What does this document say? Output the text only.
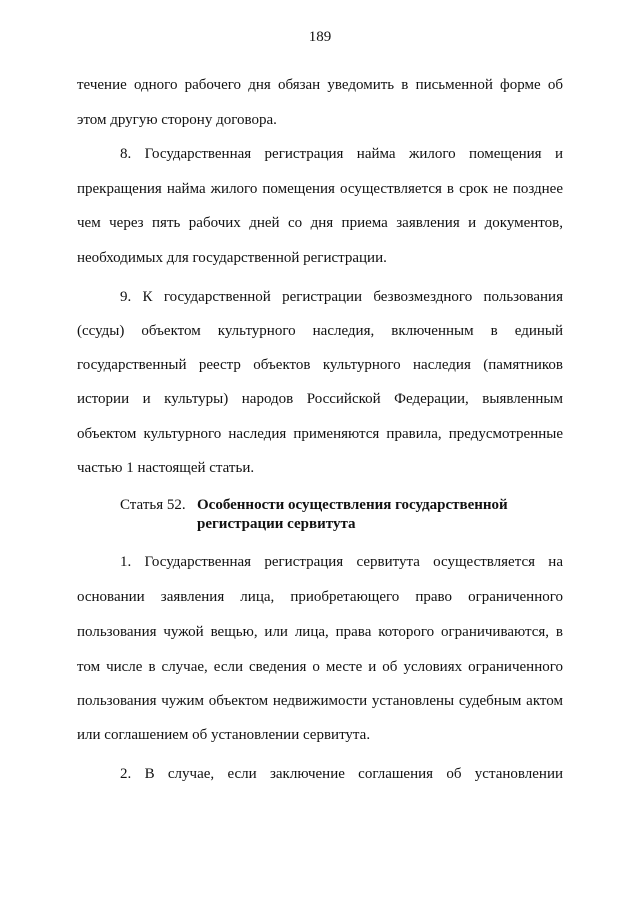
189
течение одного рабочего дня обязан уведомить в письменной форме об
этом другую сторону договора.
8. Государственная регистрация найма жилого помещения и
прекращения найма жилого помещения осуществляется в срок не позднее
чем через пять рабочих дней со дня приема заявления и документов,
необходимых для государственной регистрации.
9. К государственной регистрации безвозмездного пользования
(ссуды) объектом культурного наследия, включенным в единый
государственный реестр объектов культурного наследия (памятников
истории и культуры) народов Российской Федерации, выявленным
объектом культурного наследия применяются правила, предусмотренные
частью 1 настоящей статьи.
Статья 52. Особенности осуществления государственной
регистрации сервитута
1. Государственная регистрация сервитута осуществляется на
основании заявления лица, приобретающего право ограниченного
пользования чужой вещью, или лица, права которого ограничиваются, в
том числе в случае, если сведения о месте и об условиях ограниченного
пользования чужим объектом недвижимости установлены судебным актом
или соглашением об установлении сервитута.
2. В случае, если заключение соглашения об установлении
